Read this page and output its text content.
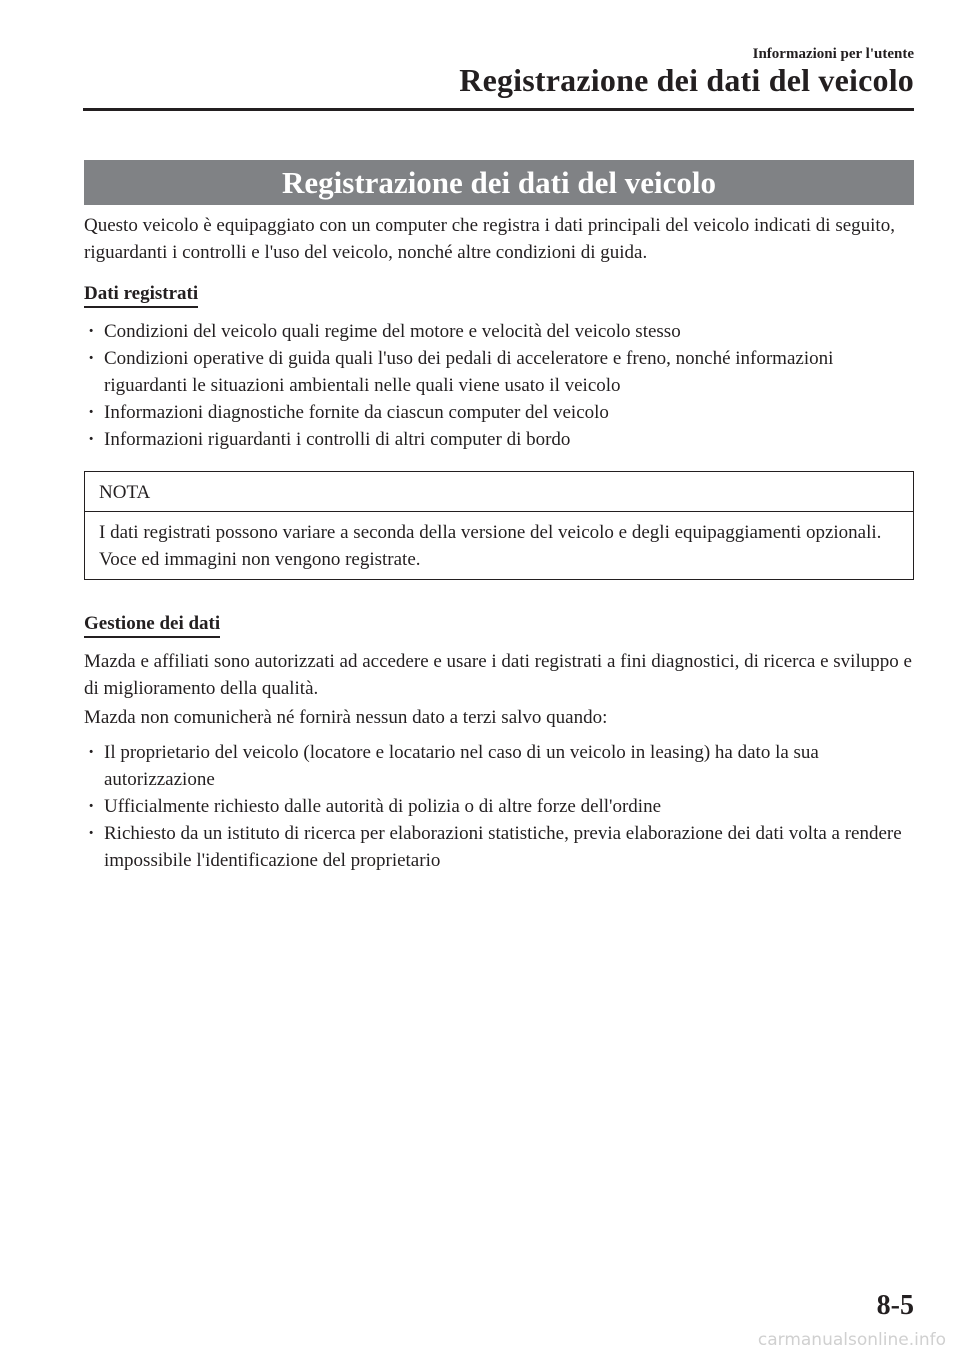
Informazioni per l'utente
Registrazione dei dati del veicolo
Registrazione dei dati del veicolo

Questo veicolo è equipaggiato con un computer che registra i dati principali del veicolo indicati di seguito, riguardanti i controlli e l'uso del veicolo, nonché altre condizioni di guida.

Dati registrati
· Condizioni del veicolo quali regime del motore e velocità del veicolo stesso
· Condizioni operative di guida quali l'uso dei pedali di acceleratore e freno, nonché informazioni riguardanti le situazioni ambientali nelle quali viene usato il veicolo
· Informazioni diagnostiche fornite da ciascun computer del veicolo
· Informazioni riguardanti i controlli di altri computer di bordo
NOTA
I dati registrati possono variare a seconda della versione del veicolo e degli equipaggiamenti opzionali. Voce ed immagini non vengono registrate.
Gestione dei dati

Mazda e affiliati sono autorizzati ad accedere e usare i dati registrati a fini diagnostici, di ricerca e sviluppo e di miglioramento della qualità.

Mazda non comunicherà né fornirà nessun dato a terzi salvo quando:

· Il proprietario del veicolo (locatore e locatario nel caso di un veicolo in leasing) ha dato la sua autorizzazione
· Ufficialmente richiesto dalle autorità di polizia o di altre forze dell'ordine
· Richiesto da un istituto di ricerca per elaborazioni statistiche, previa elaborazione dei dati volta a rendere impossibile l'identificazione del proprietario
8-5
carmanualsonline.info
